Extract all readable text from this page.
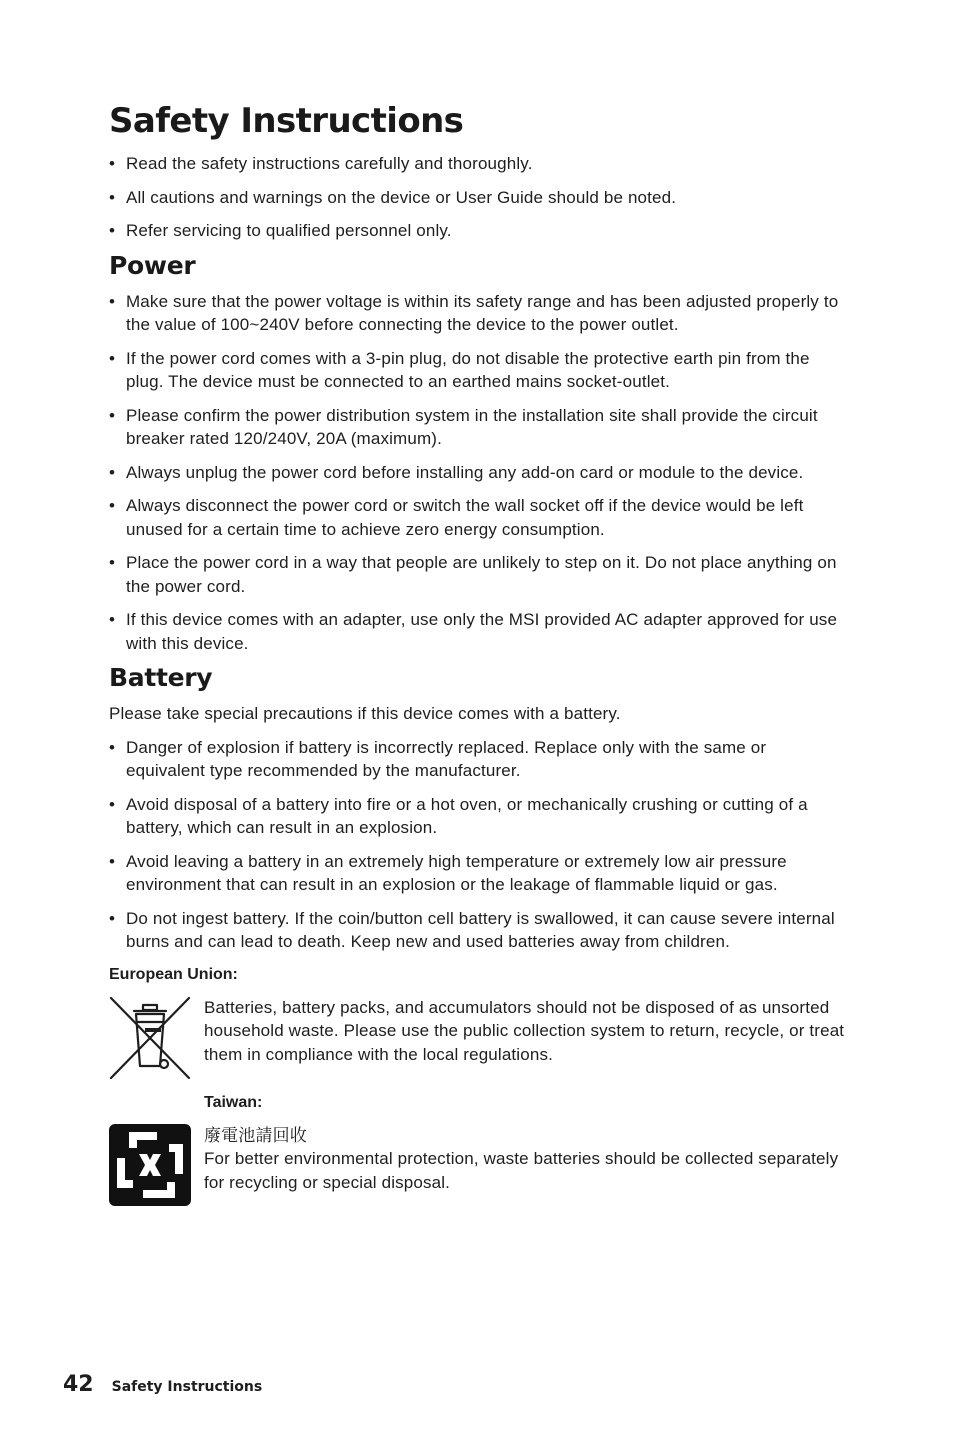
Safety Instructions
• Read the safety instructions carefully and thoroughly.
• All cautions and warnings on the device or User Guide should be noted.
• Refer servicing to qualified personnel only.
Power
• Make sure that the power voltage is within its safety range and has been adjusted properly to the value of 100~240V before connecting the device to the power outlet.
• If the power cord comes with a 3-pin plug, do not disable the protective earth pin from the plug. The device must be connected to an earthed mains socket-outlet.
• Please confirm the power distribution system in the installation site shall provide the circuit breaker rated 120/240V, 20A (maximum).
• Always unplug the power cord before installing any add-on card or module to the device.
• Always disconnect the power cord or switch the wall socket off if the device would be left unused for a certain time to achieve zero energy consumption.
• Place the power cord in a way that people are unlikely to step on it. Do not place anything on the power cord.
• If this device comes with an adapter, use only the MSI provided AC adapter approved for use with this device.
Battery

Please take special precautions if this device comes with a battery.

• Danger of explosion if battery is incorrectly replaced. Replace only with the same or equivalent type recommended by the manufacturer.
• Avoid disposal of a battery into fire or a hot oven, or mechanically crushing or cutting of a battery, which can result in an explosion.
• Avoid leaving a battery in an extremely high temperature or extremely low air pressure environment that can result in an explosion or the leakage of flammable liquid or gas.
• Do not ingest battery. If the coin/button cell battery is swallowed, it can cause severe internal burns and can lead to death. Keep new and used batteries away from children.
European Union:

Batteries, battery packs, and accumulators should not be disposed of as unsorted household waste. Please use the public collection system to return, recycle, or treat them in compliance with the local regulations.

Taiwan:

廢電池請回收

For better environmental protection, waste batteries should be collected separately for recycling or special disposal.

42 Safety Instructions
